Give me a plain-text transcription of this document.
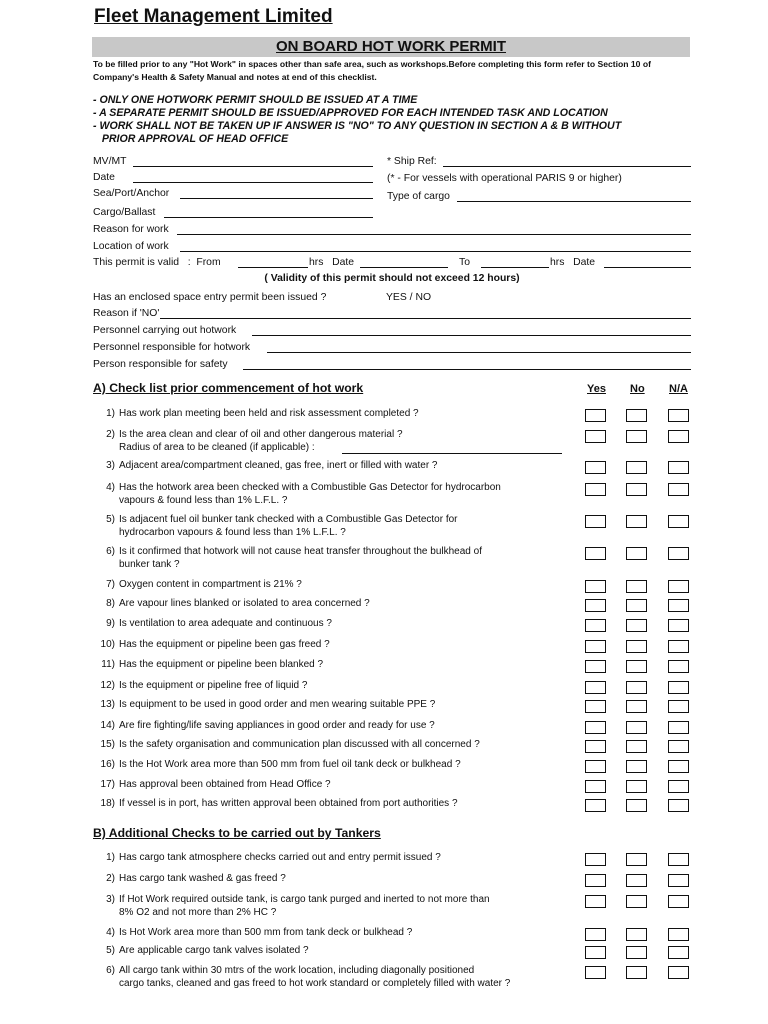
Fleet Management Limited
ON BOARD HOT WORK PERMIT
To be filled prior to any "Hot Work" in spaces other than safe area, such as workshops.Before completing this form refer to Section 10 of Company's Health & Safety Manual and notes at end of this checklist.
- ONLY ONE HOTWORK PERMIT SHOULD BE ISSUED AT A TIME
- A SEPARATE PERMIT SHOULD BE ISSUED/APPROVED FOR EACH INTENDED TASK AND LOCATION
- WORK SHALL NOT BE TAKEN UP IF ANSWER IS "NO" TO ANY QUESTION IN SECTION A & B WITHOUT
PRIOR APPROVAL OF HEAD OFFICE
MV/MT	* Ship Ref:
Date	(* - For vessels with operational PARIS 9 or higher)
Sea/Port/Anchor	Type of cargo
Cargo/Ballast
Reason for work
Location of work
This permit is valid   :  From	hrs   Date	To	hrs   Date
( Validity of this permit should not exceed 12 hours)
Has an enclosed space entry permit been issued ?	YES / NO
Reason if 'NO'
Personnel carrying out hotwork
Personnel responsible for hotwork
Person responsible for safety
A) Check list prior commencement of hot work	Yes No N/A
1) Has work plan meeting been held and risk assessment completed ?
2) Is the area clean and clear of oil and other dangerous material ?
Radius of area to be cleaned (if applicable) :
3) Adjacent area/compartment cleaned, gas free, inert or filled with water ?
4) Has the hotwork area been checked with a Combustible Gas Detector for hydrocarbon
vapours & found less than 1% L.F.L. ?
5) Is adjacent fuel oil bunker tank checked with a Combustible Gas Detector for
hydrocarbon vapours & found less than 1% L.F.L. ?
6) Is it confirmed that hotwork will not cause heat transfer throughout the bulkhead of
bunker tank ?
7) Oxygen content in compartment is 21% ?
8) Are vapour lines blanked or isolated to area concerned ?
9) Is ventilation to area adequate and continuous ?
10) Has the equipment or pipeline been gas freed ?
11) Has the equipment or pipeline been blanked ?
12) Is the equipment or pipeline free of liquid ?
13) Is equipment to be used in good order and men wearing suitable PPE ?
14) Are fire fighting/life saving appliances in good order and ready for use ?
15) Is the safety organisation and communication plan discussed with all concerned ?
16) Is the Hot Work area more than 500 mm from fuel oil tank deck or bulkhead ?
17) Has approval been obtained from Head Office ?
18) If vessel is in port, has written approval been obtained from port authorities ?
B) Additional Checks to be carried out by Tankers
1) Has cargo tank atmosphere checks carried out and entry permit issued ?
2) Has cargo tank washed & gas freed ?
3) If Hot Work required outside tank, is cargo tank purged and inerted to not more than
8% O2 and not more than 2% HC ?
4) Is Hot Work area more than 500 mm from tank deck or bulkhead ?
5) Are applicable cargo tank valves isolated ?
6) All cargo tank within 30 mtrs of the work location, including diagonally positioned
cargo tanks, cleaned and gas freed to hot work standard or completely filled with water ?
